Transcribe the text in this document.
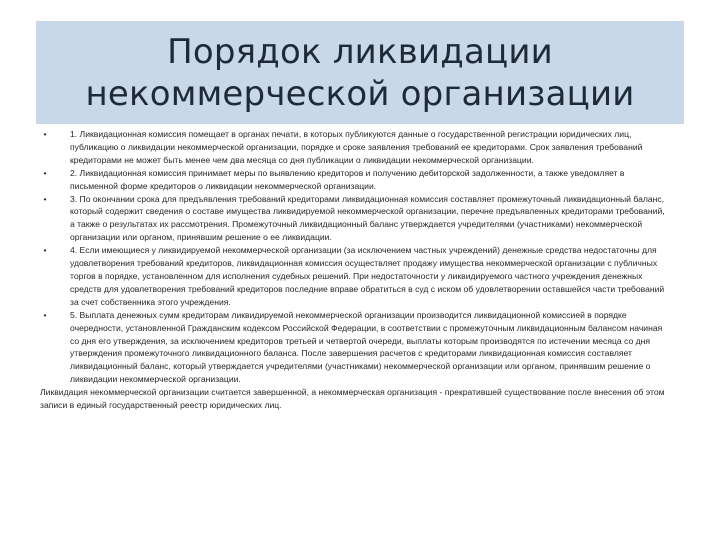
Порядок ликвидации
некоммерческой организации

•	1. Ликвидационная комиссия помещает в органах печати, в которых публикуются данные о государственной регистрации юридических лиц, публикацию о ликвидации некоммерческой организации, порядке и сроке заявления требований ее кредиторами. Срок заявления требований кредиторами не может быть менее чем два месяца со дня публикации о ликвидации некоммерческой организации.

•	2. Ликвидационная комиссия принимает меры по выявлению кредиторов и получению дебиторской задолженности, а также уведомляет в письменной форме кредиторов о ликвидации некоммерческой организации.

•	3. По окончании срока для предъявления требований кредиторами ликвидационная комиссия составляет промежуточный ликвидационный баланс, который содержит сведения о составе имущества ликвидируемой некоммерческой организации, перечне предъявленных кредиторами требований, а также о результатах их рассмотрения. Промежуточный ликвидационный баланс утверждается учредителями (участниками) некоммерческой организации или органом, принявшим решение о ее ликвидации.

•	4. Если имеющиеся у ликвидируемой некоммерческой организации (за исключением частных учреждений) денежные средства недостаточны для удовлетворения требований кредиторов, ликвидационная комиссия осуществляет продажу имущества некоммерческой организации с публичных торгов в порядке, установленном для исполнения судебных решений. При недостаточности у ликвидируемого частного учреждения денежных средств для удовлетворения требований кредиторов последние вправе обратиться в суд с иском об удовлетворении оставшейся части требований за счет собственника этого учреждения.

•	5. Выплата денежных сумм кредиторам ликвидируемой некоммерческой организации производится ликвидационной комиссией в порядке очередности, установленной Гражданским кодексом Российской Федерации, в соответствии с промежуточным ликвидационным балансом начиная со дня его утверждения, за исключением кредиторов третьей и четвертой очереди, выплаты которым производятся по истечении месяца со дня утверждения промежуточного ликвидационного баланса. После завершения расчетов с кредиторами ликвидационная комиссия составляет ликвидационный баланс, который утверждается учредителями (участниками) некоммерческой организации или органом, принявшим решение о ликвидации некоммерческой организации.

Ликвидация некоммерческой организации считается завершенной, а некоммерческая организация - прекратившей существование после внесения об этом записи в единый государственный реестр юридических лиц.
